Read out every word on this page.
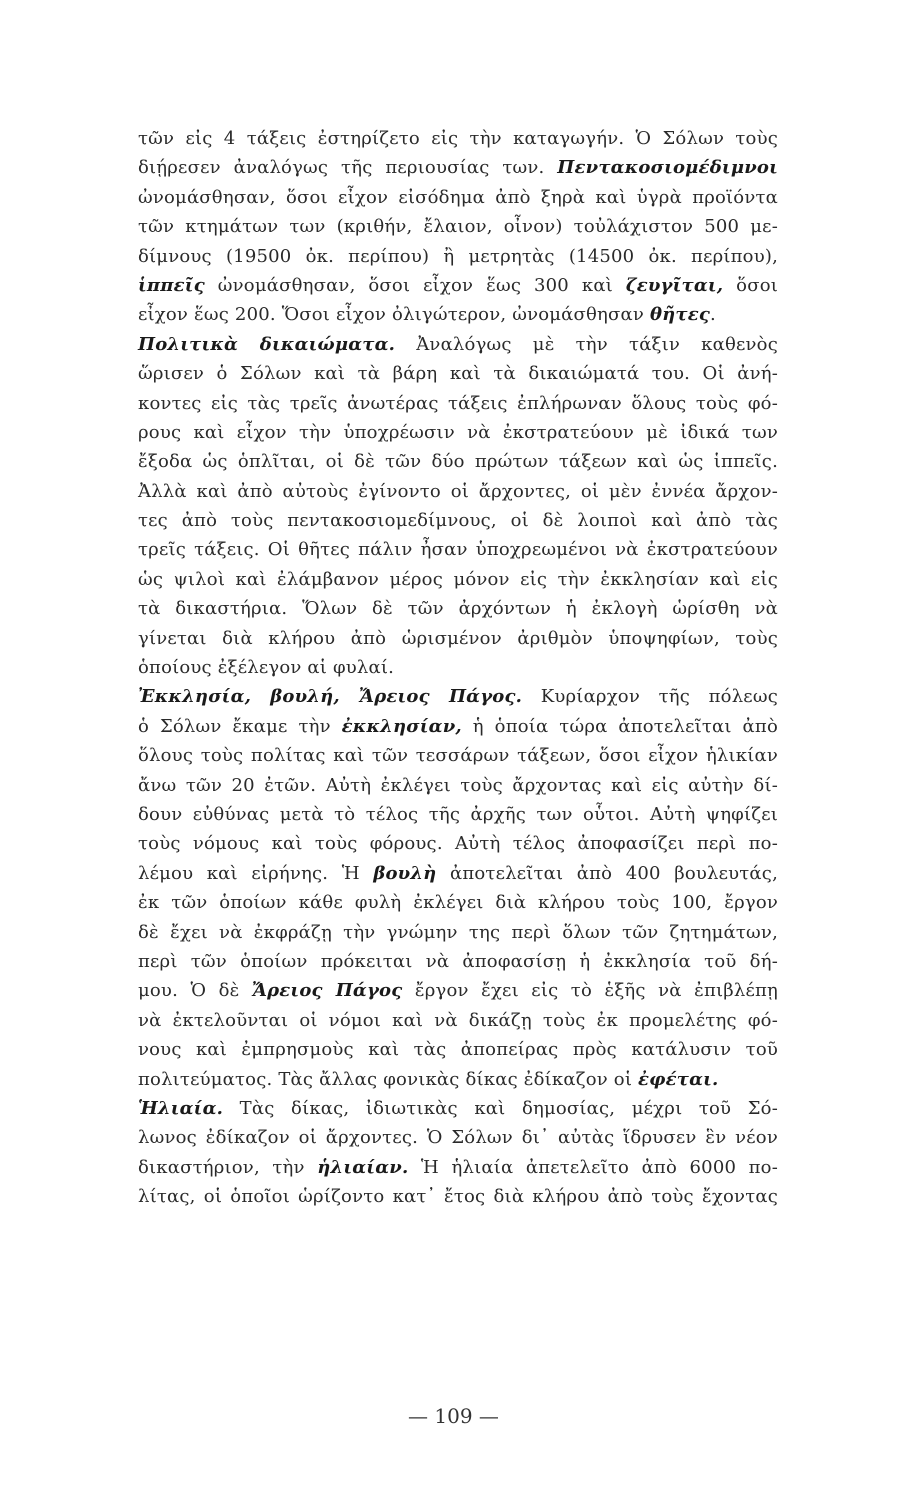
τῶν εἰς 4 τάξεις ἐστηρίζετο εἰς τὴν καταγωγήν. Ὁ Σόλων τοὺς
διῄρεσεν ἀναλόγως τῆς περιουσίας των. Πεντακοσιομέδιμνοι
ὠνομάσθησαν, ὅσοι εἶχον εἰσόδημα ἀπὸ ξηρὰ καὶ ὑγρὰ προϊόντα
τῶν κτημάτων των (κριθήν, ἔλαιον, οἶνον) τοὐλάχιστον 500 με-
δίμνους (19500 ὀκ. περίπου) ἢ μετρητὰς (14500 ὀκ. περίπου),
ἱππεῖς ὠνομάσθησαν, ὅσοι εἶχον ἕως 300 καὶ ζευγῖται, ὅσοι
εἶχον ἕως 200. Ὅσοι εἶχον ὀλιγώτερον, ὠνομάσθησαν θῆτες.
Πολιτικὰ δικαιώματα. Ἀναλόγως μὲ τὴν τάξιν καθενὸς
ὥρισεν ὁ Σόλων καὶ τὰ βάρη καὶ τὰ δικαιώματά του. Οἱ ἀνή-
κοντες εἰς τὰς τρεῖς ἀνωτέρας τάξεις ἐπλήρωναν ὅλους τοὺς φό-
ρους καὶ εἶχον τὴν ὑποχρέωσιν νὰ ἐκστρατεύουν μὲ ἰδικά των
ἔξοδα ὡς ὁπλῖται, οἱ δὲ τῶν δύο πρώτων τάξεων καὶ ὡς ἱππεῖς.
Ἀλλὰ καὶ ἀπὸ αὐτοὺς ἐγίνοντο οἱ ἄρχοντες, οἱ μὲν ἐννέα ἄρχον-
τες ἀπὸ τοὺς πεντακοσιομεδίμνους, οἱ δὲ λοιποὶ καὶ ἀπὸ τὰς
τρεῖς τάξεις. Οἱ θῆτες πάλιν ἦσαν ὑποχρεωμένοι νὰ ἐκστρατεύουν
ὡς ψιλοὶ καὶ ἐλάμβανον μέρος μόνον εἰς τὴν ἐκκλησίαν καὶ εἰς
τὰ δικαστήρια. Ὅλων δὲ τῶν ἀρχόντων ἡ ἐκλογὴ ὡρίσθη νὰ
γίνεται διὰ κλήρου ἀπὸ ὡρισμένον ἀριθμὸν ὑποψηφίων, τοὺς
ὁποίους ἐξέλεγον αἱ φυλαί.
Ἐκκλησία, βουλή, Ἄρειος Πάγος. Κυρίαρχον τῆς πόλεως
ὁ Σόλων ἔκαμε τὴν ἐκκλησίαν, ἡ ὁποία τώρα ἀποτελεῖται ἀπὸ
ὅλους τοὺς πολίτας καὶ τῶν τεσσάρων τάξεων, ὅσοι εἶχον ἡλικίαν
ἄνω τῶν 20 ἐτῶν. Αὐτὴ ἐκλέγει τοὺς ἄρχοντας καὶ εἰς αὐτὴν δί-
δουν εὐθύνας μετὰ τὸ τέλος τῆς ἀρχῆς των οὗτοι. Αὐτὴ ψηφίζει
τοὺς νόμους καὶ τοὺς φόρους. Αὐτὴ τέλος ἀποφασίζει περὶ πο-
λέμου καὶ εἰρήνης. Ἡ βουλὴ ἀποτελεῖται ἀπὸ 400 βουλευτάς,
ἐκ τῶν ὁποίων κάθε φυλὴ ἐκλέγει διὰ κλήρου τοὺς 100, ἔργον
δὲ ἔχει νὰ ἐκφράζῃ τὴν γνώμην της περὶ ὅλων τῶν ζητημάτων,
περὶ τῶν ὁποίων πρόκειται νὰ ἀποφασίσῃ ἡ ἐκκλησία τοῦ δή-
μου. Ὁ δὲ Ἄρειος Πάγος ἔργον ἔχει εἰς τὸ ἑξῆς νὰ ἐπιβλέπῃ
νὰ ἐκτελοῦνται οἱ νόμοι καὶ νὰ δικάζῃ τοὺς ἐκ προμελέτης φό-
νους καὶ ἐμπρησμοὺς καὶ τὰς ἀποπείρας πρὸς κατάλυσιν τοῦ
πολιτεύματος. Τὰς ἄλλας φονικὰς δίκας ἐδίκαζον οἱ ἐφέται.
Ἡλιαία. Τὰς δίκας, ἰδιωτικὰς καὶ δημοσίας, μέχρι τοῦ Σό-
λωνος ἐδίκαζον οἱ ἄρχοντες. Ὁ Σόλων δι᾿ αὐτὰς ἵδρυσεν ἓν νέον
δικαστήριον, τὴν ἡλιαίαν. Ἡ ἡλιαία ἀπετελεῖτο ἀπὸ 6000 πο-
λίτας, οἱ ὁποῖοι ὡρίζοντο κατ᾿ ἔτος διὰ κλήρου ἀπὸ τοὺς ἔχοντας
— 109 —
